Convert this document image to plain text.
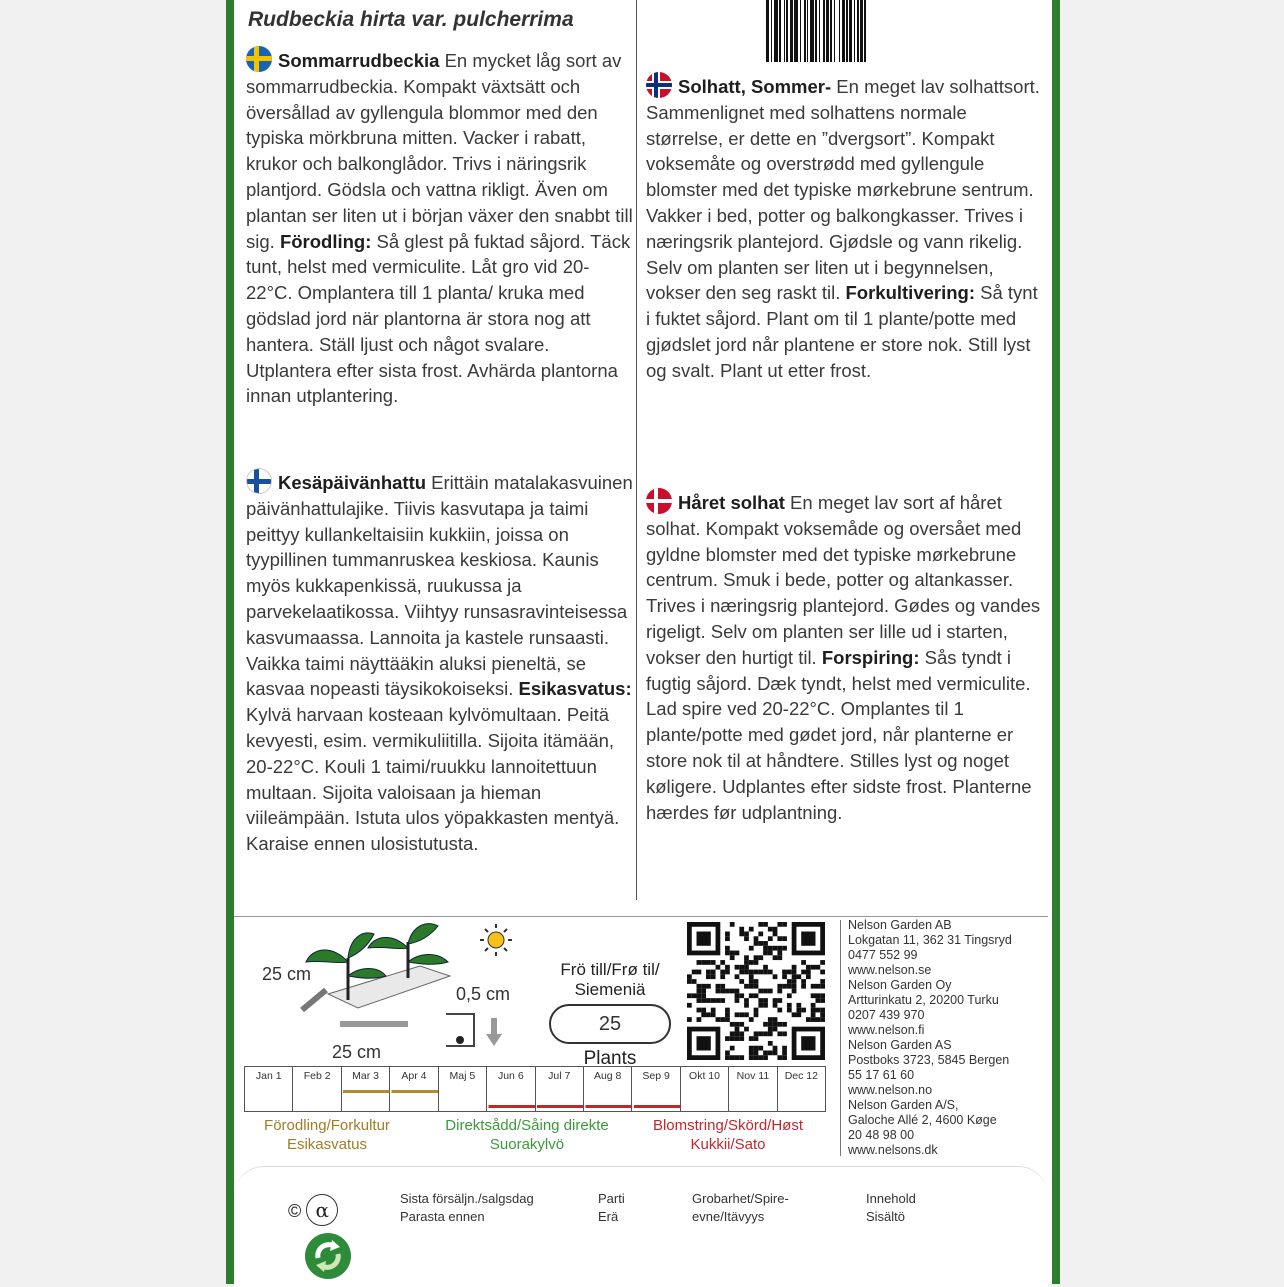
Rudbeckia hirta var. pulcherrima

Sommarrudbeckia En mycket låg sort av sommarrudbeckia. Kompakt växtsätt och översållad av gyllengula blommor med den typiska mörkbruna mitten. Vacker i rabatt, krukor och balkonglådor. Trivs i näringsrik plantjord. Gödsla och vattna rikligt. Även om plantan ser liten ut i början växer den snabbt till sig. Förodling: Så glest på fuktad såjord. Täck tunt, helst med vermiculite. Låt gro vid 20-22°C. Omplantera till 1 planta/ kruka med gödslad jord när plantorna är stora nog att hantera. Ställ ljust och något svalare. Utplantera efter sista frost. Avhärda plantorna innan utplantering.

Solhatt, Sommer- En meget lav solhattsort. Sammenlignet med solhattens normale størrelse, er dette en ”dvergsort”. Kompakt voksemåte og overstrødd med gyllengule blomster med det typiske mørkebrune sentrum. Vakker i bed, potter og balkongkasser. Trives i næringsrik plantejord. Gjødsle og vann rikelig. Selv om planten ser liten ut i begynnelsen, vokser den seg raskt til. Forkultivering: Så tynt i fuktet såjord. Plant om til 1 plante/potte med gjødslet jord når plantene er store nok. Still lyst og svalt. Plant ut etter frost.

Kesäpäivänhattu Erittäin matalakasvuinen päivänhattulajike. Tiivis kasvutapa ja taimi peittyy kullankeltaisiin kukkiin, joissa on tyypillinen tummanruskea keskiosa. Kaunis myös kukkapenkissä, ruukussa ja parvekelaatikossa. Viihtyy runsasravinteisessa kasvumaassa. Lannoita ja kastele runsaasti. Vaikka taimi näyttääkin aluksi pieneltä, se kasvaa nopeasti täysikokoiseksi. Esikasvatus: Kylvä harvaan kosteaan kylvömultaan. Peitä kevyesti, esim. vermikuliitilla. Sijoita itämään, 20-22°C. Kouli 1 taimi/ruukku lannoitettuun multaan. Sijoita valoisaan ja hieman viileämpään. Istuta ulos yöpakkasten mentyä. Karaise ennen ulosistutusta.

Håret solhat En meget lav sort af håret solhat. Kompakt voksemåde og oversået med gyldne blomster med det typiske mørkebrune centrum. Smuk i bede, potter og altankasser. Trives i næringsrig plantejord. Gødes og vandes rigeligt. Selv om planten ser lille ud i starten, vokser den hurtigt til. Forspiring: Sås tyndt i fugtig såjord. Dæk tyndt, helst med vermiculite. Lad spire ved 20-22°C. Omplantes til 1 plante/potte med gødet jord, når planterne er store nok til at håndtere. Stilles lyst og noget køligere. Udplantes efter sidste frost. Planterne hærdes før udplantning.

25 cm
25 cm
0,5 cm
Frö till/Frø til/ Siemeniä
25
Plants
Nelson Garden AB
Lokgatan 11, 362 31 Tingsryd
0477 552 99
www.nelson.se
Nelson Garden Oy
Artturinkatu 2, 20200 Turku
0207 439 970
www.nelson.fi
Nelson Garden AS
Postboks 3723, 5845 Bergen
55 17 61 60
www.nelson.no
Nelson Garden A/S,
Galoche Allé 2, 4600 Køge
20 48 98 00
www.nelsons.dk
Jan 1	Feb 2	Mar 3	Apr 4	Maj 5	Jun 6	Jul 7	Aug 8	Sep 9	Okt 10	Nov 11	Dec 12
Förodling/Forkultur Esikasvatus
Direktsådd/Såing direkte Suorakylvö
Blomstring/Skörd/Høst Kukkii/Sato
© α	Sista försäljn./salgsdag Parasta ennen
Parti Erä
Grobarhet/Spire- evne/Itävyys
Innehold Sisältö
